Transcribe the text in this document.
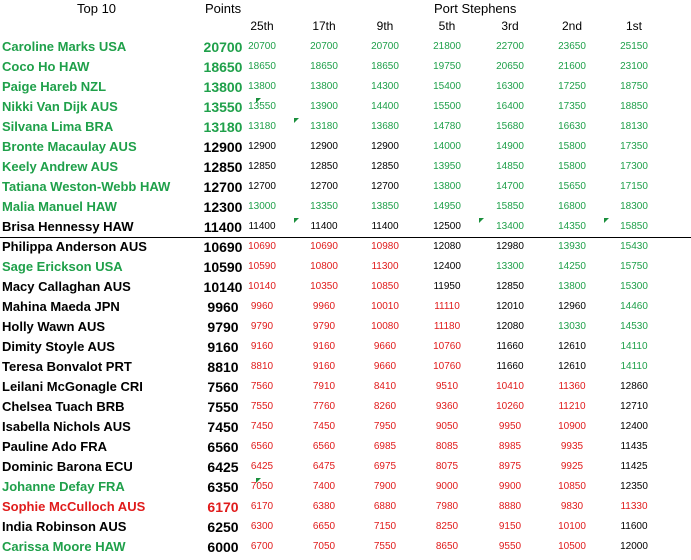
Top 10	Points	Port Stephens
25th	17th	9th	5th	3rd	2nd	1st
Caroline Marks USA	20700 20700	20700	20700	21800	22700	23650	25150
Coco Ho HAW	18650 18650	18650	18650	19750	20650	21600	23100
Paige Hareb NZL	13800 13800	13800	14300	15400	16300	17250	18750
Nikki Van Dijk AUS	13550 13550	13900	14400	15500	16400	17350	18850
Silvana Lima BRA	13180 13180	13180	13680	14780	15680	16630	18130
Bronte Macaulay AUS	12900 12900	12900	12900	14000	14900	15800	17350
Keely Andrew AUS	12850 12850	12850	12850	13950	14850	15800	17300
Tatiana Weston-Webb HAW	12700 12700	12700	12700	13800	14700	15650	17150
Malia Manuel HAW	12300 13000	13350	13850	14950	15850	16800	18300
Brisa Hennessy HAW	11400 11400	11400	11400	12500	13400	14350	15850
Philippa Anderson AUS	10690 10690	10690	10980	12080	12980	13930	15430
Sage Erickson USA	10590 10590	10800	11300	12400	13300	14250	15750
Macy Callaghan AUS	10140 10140	10350	10850	11950	12850	13800	15300
Mahina Maeda JPN	9960	9960	9960	10010	11110	12010	12960	14460
Holly Wawn AUS	9790	9790	9790	10080	11180	12080	13030	14530
Dimity Stoyle AUS	9160	9160	9160	9660	10760	11660	12610	14110
Teresa Bonvalot PRT	8810	8810	9160	9660	10760	11660	12610	14110
Leilani McGonagle CRI	7560	7560	7910	8410	9510	10410	11360	12860
Chelsea Tuach BRB	7550	7550	7760	8260	9360	10260	11210	12710
Isabella Nichols AUS	7450	7450	7450	7950	9050	9950	10900	12400
Pauline Ado FRA	6560	6560	6560	6985	8085	8985	9935	11435
Dominic Barona ECU	6425	6425	6475	6975	8075	8975	9925	11425
Johanne Defay FRA	6350	7050	7400	7900	9000	9900	10850	12350
Sophie McCulloch AUS	6170	6170	6380	6880	7980	8880	9830	11330
India Robinson AUS	6250	6300	6650	7150	8250	9150	10100	11600
Carissa Moore HAW	6000	6700	7050	7550	8650	9550	10500	12000
